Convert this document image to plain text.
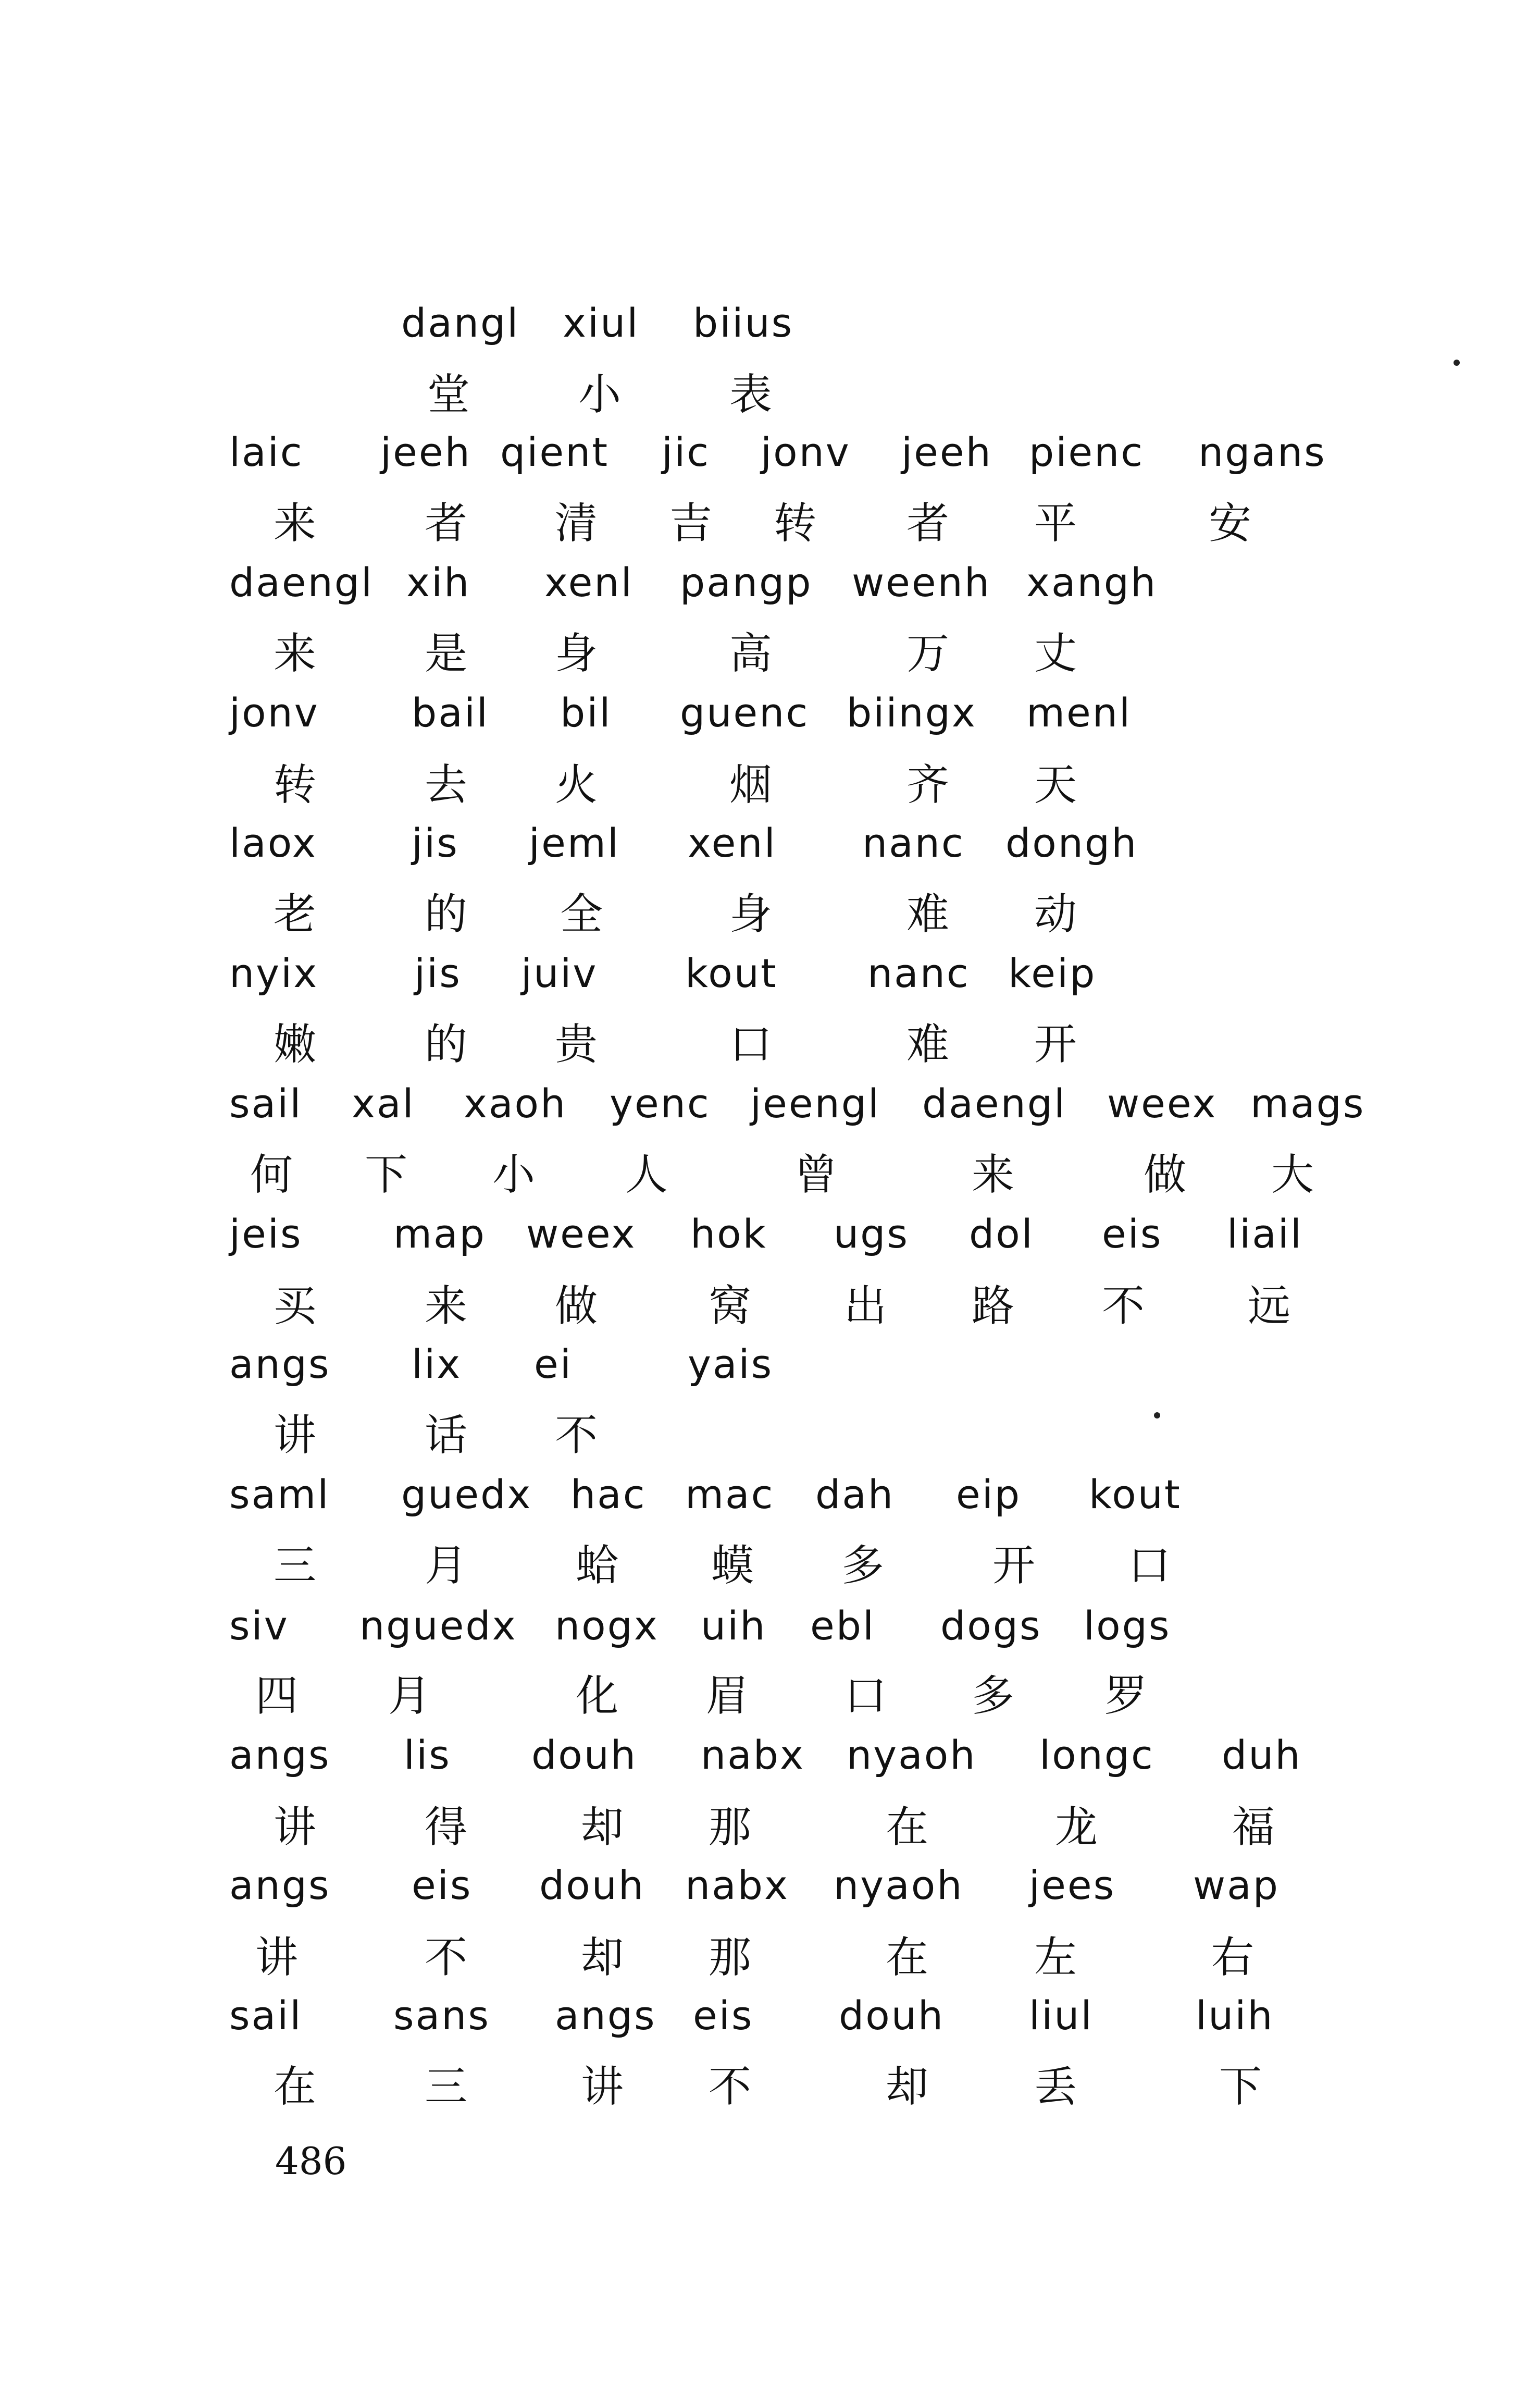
dangl xiul biius
堂	小	表
laic jeeh qient jic jonv jeeh pienc ngans
来	者 清 吉 转 者 平	安
daengl xih xenl pangp weenh xangh
来	是 身	高	万 丈
jonv bail bil guenc biingx menl
转	去 火	烟	齐 天
laox jis jeml xenl nanc dongh
老	的 全	身	难 动
nyix jis juiv kout nanc keip
嫩	的 贵	口	难 开
sail xal xaoh yenc jeengl daengl weex mags
何 下 小 人	曾	来	做 大
jeis map weex hok ugs dol eis liail
买	来 做	窝 出 路 不 远
angs lix ei	yais
讲	话 不
saml guedx hac mac dah eip kout
三	月	蛤 蟆 多	开 口
siv nguedx nogx uih ebl dogs logs
四 月	化 眉 口 多 罗
angs lis douh nabx nyaoh longc duh
讲	得	却 那	在	龙	福
angs eis douh nabx nyaoh jees wap
讲	不	却 那	在 左	右
sail sans angs eis douh liul	luih
在	三	讲 不	却 丢	下
486
